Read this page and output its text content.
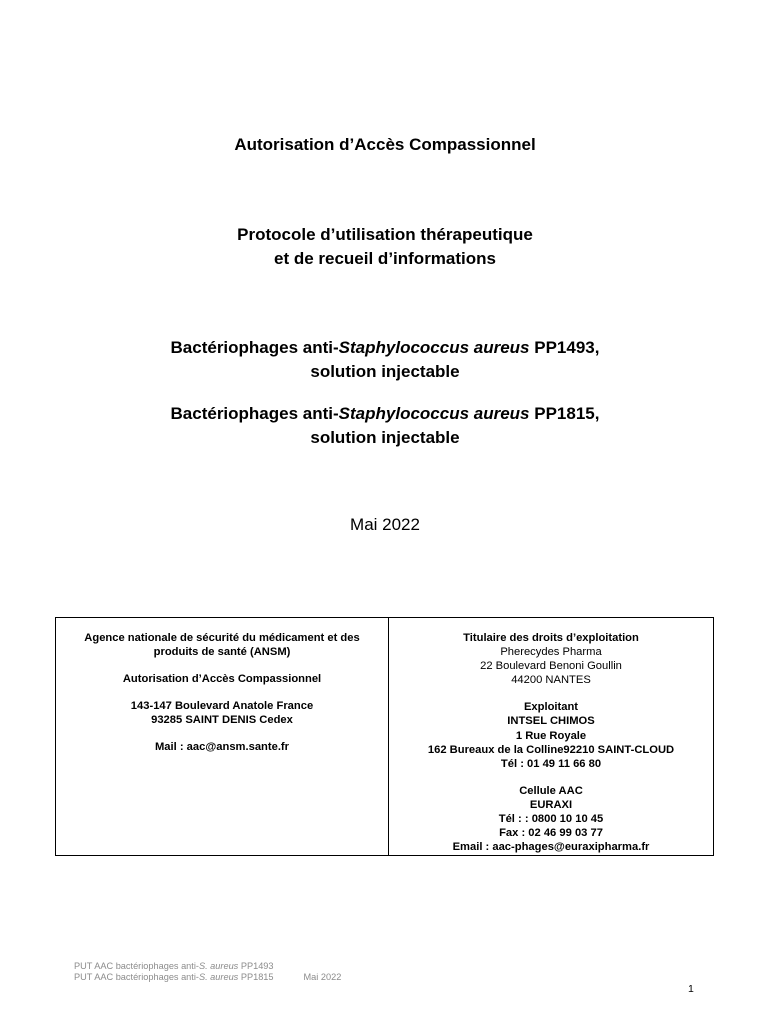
Autorisation d’Accès Compassionnel
Protocole d’utilisation thérapeutique
et de recueil d’informations
Bactériophages anti-Staphylococcus aureus PP1493,
solution injectable
Bactériophages anti-Staphylococcus aureus PP1815,
solution injectable
Mai 2022
Agence nationale de sécurité du médicament et des
produits de santé (ANSM)
Autorisation d’Accès Compassionnel
143-147 Boulevard Anatole France
93285 SAINT DENIS Cedex
Mail : aac@ansm.sante.fr
Titulaire des droits d’exploitation
Pherecydes Pharma
22 Boulevard Benoni Goullin
44200 NANTES
Exploitant
INTSEL CHIMOS
1 Rue Royale
162 Bureaux de la Colline92210 SAINT-CLOUD
Tél : 01 49 11 66 80
Cellule AAC
EURAXI
Tél : : 0800 10 10 45
Fax : 02 46 99 03 77
Email : aac-phages@euraxipharma.fr
PUT AAC bactériophages anti-S. aureus PP1493
PUT AAC bactériophages anti-S. aureus PP1815	Mai 2022
1
